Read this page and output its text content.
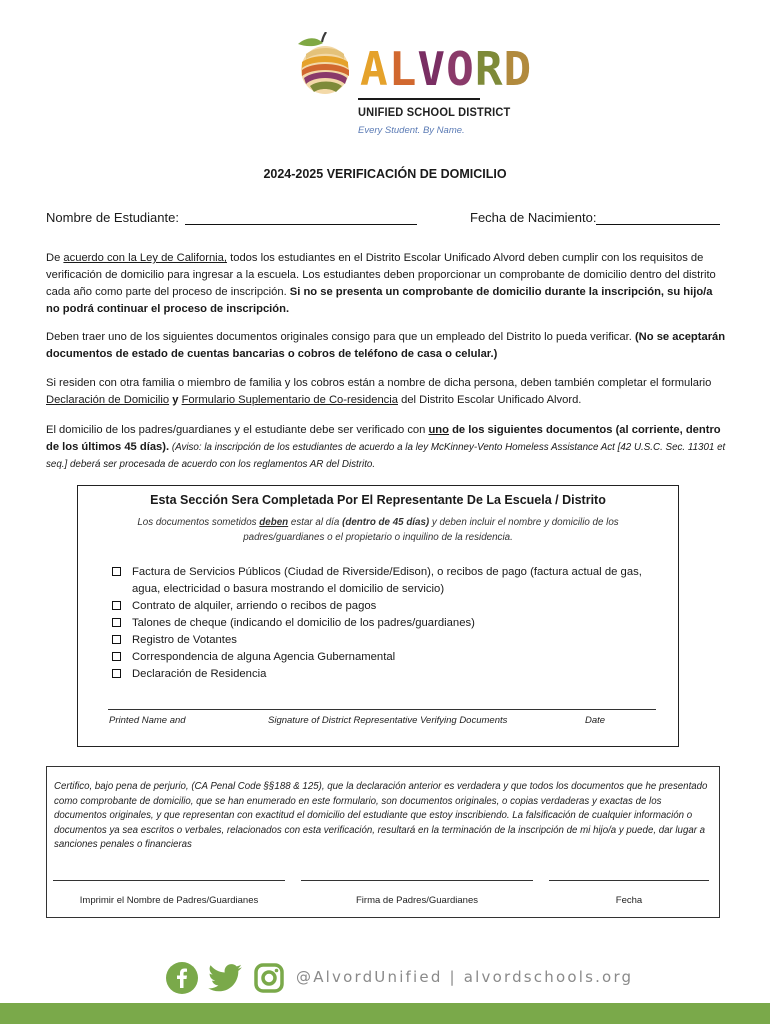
ALVORD
UNIFIED SCHOOL DISTRICT
Every Student. By Name.
2024-2025 VERIFICACIÓN DE DOMICILIO
Nombre de Estudiante:	Fecha de Nacimiento:
De acuerdo con la Ley de California, todos los estudiantes en el Distrito Escolar Unificado Alvord deben cumplir con los requisitos de verificación de domicilio para ingresar a la escuela. Los estudiantes deben proporcionar un comprobante de domicilio dentro del distrito cada año como parte del proceso de inscripción. Si no se presenta un comprobante de domicilio durante la inscripción, su hijo/a no podrá continuar el proceso de inscripción.
Deben traer uno de los siguientes documentos originales consigo para que un empleado del Distrito lo pueda verificar. (No se aceptarán documentos de estado de cuentas bancarias o cobros de teléfono de casa o celular.)
Si residen con otra familia o miembro de familia y los cobros están a nombre de dicha persona, deben también completar el formulario Declaración de Domicilio y Formulario Suplementario de Co-residencia del Distrito Escolar Unificado Alvord.
El domicilio de los padres/guardianes y el estudiante debe ser verificado con uno de los siguientes documentos (al corriente, dentro de los últimos 45 días). (Aviso: la inscripción de los estudiantes de acuerdo a la ley McKinney-Vento Homeless Assistance Act [42 U.S.C. Sec. 11301 et seq.] deberá ser procesada de acuerdo con los reglamentos AR del Distrito.
Esta Sección Sera Completada Por El Representante De La Escuela / Distrito
Los documentos sometidos deben estar al día (dentro de 45 días) y deben incluir el nombre y domicilio de los padres/guardianes o el propietario o inquilino de la residencia.
Factura de Servicios Públicos (Ciudad de Riverside/Edison), o recibos de pago (factura actual de gas, agua, electricidad o basura mostrando el domicilio de servicio)
Contrato de alquiler, arriendo o recibos de pagos
Talones de cheque (indicando el domicilio de los padres/guardianes)
Registro de Votantes
Correspondencia de alguna Agencia Gubernamental
Declaración de Residencia
Printed Name and	Signature of District Representative Verifying Documents	Date
Certifico, bajo pena de perjurio, (CA Penal Code §§188 & 125), que la declaración anterior es verdadera y que todos los documentos que he presentado como comprobante de domicilio, que se han enumerado en este formulario, son documentos originales, o copias verdaderas y exactas de los documentos originales, y que representan con exactitud el domicilio del estudiante que estoy inscribiendo. La falsificación de cualquier información o documentos ya sea escritos o verbales, relacionados con esta verificación, resultará en la terminación de la inscripción de mi hijo/a y puede, dar lugar a sanciones penales o financieras
Imprimir el Nombre de Padres/Guardianes	Firma de Padres/Guardianes	Fecha
@AlvordUnified | alvordschools.org
